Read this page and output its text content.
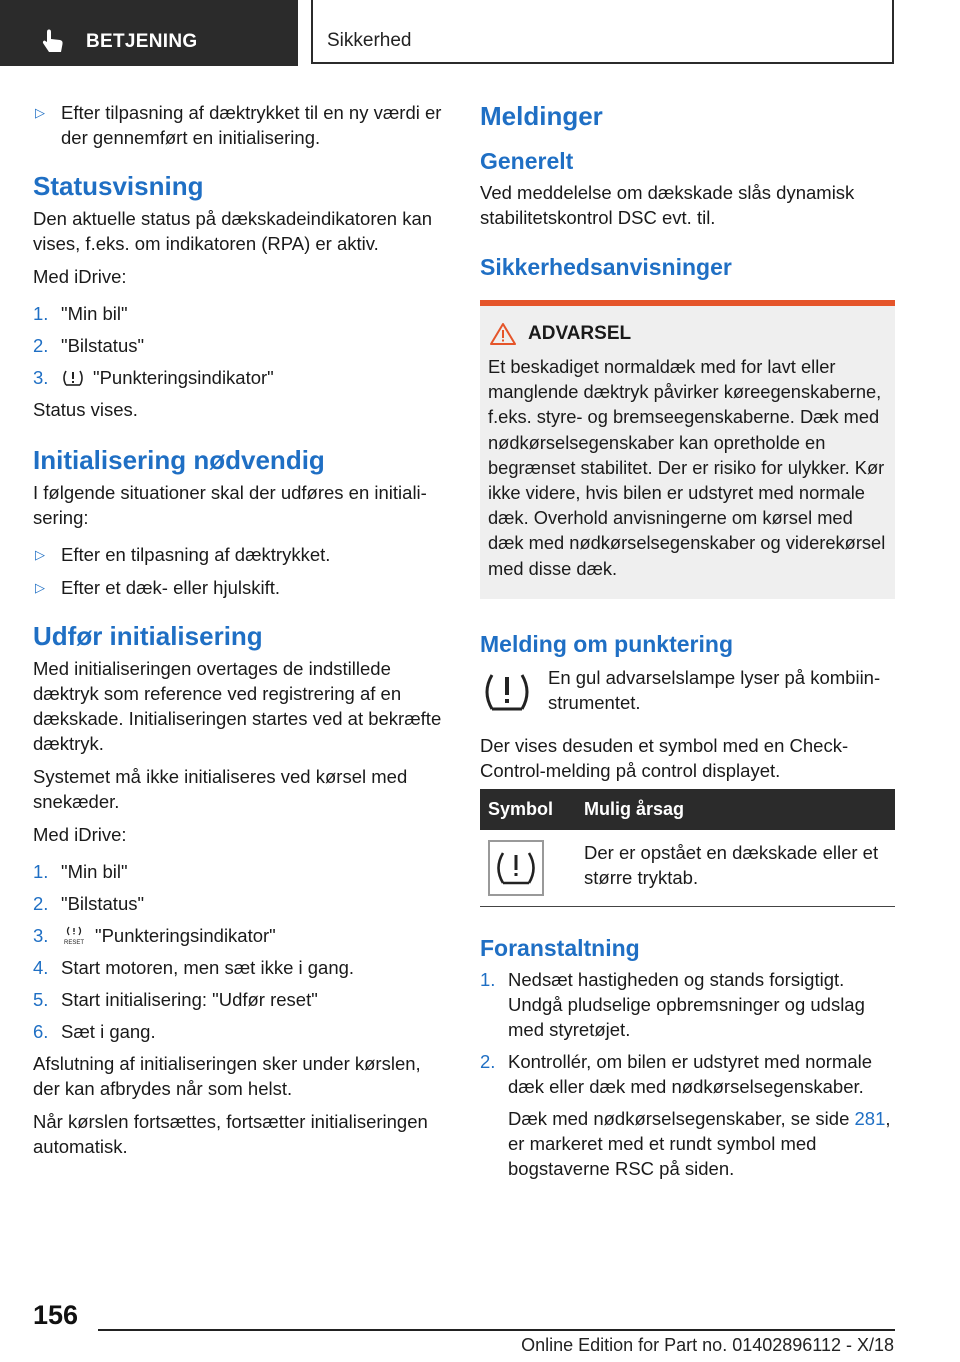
BETJENING	Sikkerhed
▷ Efter tilpasning af dæktrykket til en ny værdi er der gennemført en initialisering.
Statusvisning

Den aktuelle status på dækskadeindikatoren kan vises, f.eks. om indikatoren (RPA) er aktiv.

Med iDrive:

1. "Min bil"
2. "Bilstatus"
3. "Punkteringsindikator"

Status vises.

Initialisering nødvendig

I følgende situationer skal der udføres en initialisering:

▷ Efter en tilpasning af dæktrykket.
▷ Efter et dæk- eller hjulskift.
Udfør initialisering

Med initialiseringen overtages de indstillede dæktryk som reference ved registrering af en dækskade. Initialiseringen startes ved at bekræfte dæktryk.

Systemet må ikke initialiseres ved kørsel med snekæder.

Med iDrive:

1. "Min bil"
2. "Bilstatus"
3.	RESET "Punkteringsindikator"
4. Start motoren, men sæt ikke i gang.
5. Start initialisering: "Udfør reset"
6. Sæt i gang.

Afslutning af initialiseringen sker under kørslen, der kan afbrydes når som helst.

Når kørslen fortsættes, fortsætter initialiseringen automatisk.

Meldinger
Generelt

Ved meddelelse om dækskade slås dynamisk stabilitetskontrol DSC evt. til.

Sikkerhedsanvisninger
ADVARSEL

Et beskadiget normaldæk med for lavt eller manglende dæktryk påvirker køreegenskaberne, f.eks. styre- og bremseegenskaberne. Dæk med nødkørselsegenskaber kan opretholde en begrænset stabilitet. Der er risiko for ulykker. Kør ikke videre, hvis bilen er udstyret med normale dæk. Overhold anvisningerne om kørsel med dæk med nødkørselsegenskaber og viderekørsel med disse dæk.

Melding om punktering

En gul advarselslampe lyser på kombiinstrumentet.

Der vises desuden et symbol med en Check-Control-melding på control displayet.

Symbol	Mulig årsag

	Der er opstået en dækskade eller et større tryktab.
Foranstaltning
1. Nedsæt hastigheden og stands forsigtigt. Undgå pludselige opbremsninger og udslag med styretøjet.
2. Kontrollér, om bilen er udstyret med normale dæk eller dæk med nødkørselsegenskaber.

Dæk med nødkørselsegenskaber, se side 281, er markeret med et rundt symbol med bogstaverne RSC på siden.

156
Online Edition for Part no. 01402896112 - X/18
